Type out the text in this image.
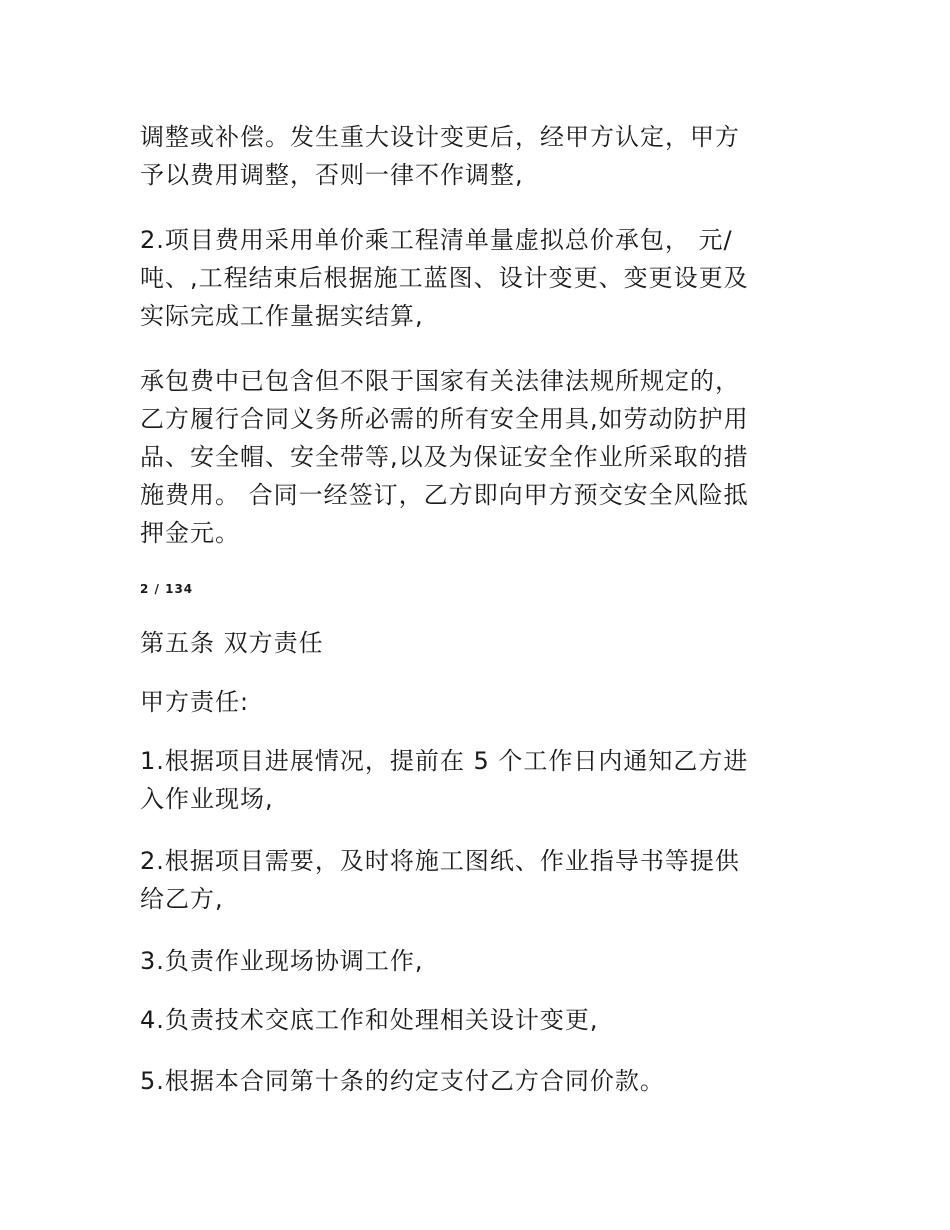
调整或补偿。发生重大设计变更后，经甲方认定，甲方
予以费用调整，否则一律不作调整,

2.项目费用采用单价乘工程清单量虚拟总价承包， 元/
吨、,工程结束后根据施工蓝图、设计变更、变更设更及
实际完成工作量据实结算,

承包费中已包含但不限于国家有关法律法规所规定的，
乙方履行合同义务所必需的所有安全用具,如劳动防护用
品、安全帽、安全带等,以及为保证安全作业所采取的措
施费用。 合同一经签订，乙方即向甲方预交安全风险抵
押金元。

2 / 134

第五条 双方责任

甲方责任:

1.根据项目进展情况，提前在 5 个工作日内通知乙方进
入作业现场,

2.根据项目需要，及时将施工图纸、作业指导书等提供
给乙方,

3.负责作业现场协调工作,

4.负责技术交底工作和处理相关设计变更,

5.根据本合同第十条的约定支付乙方合同价款。
